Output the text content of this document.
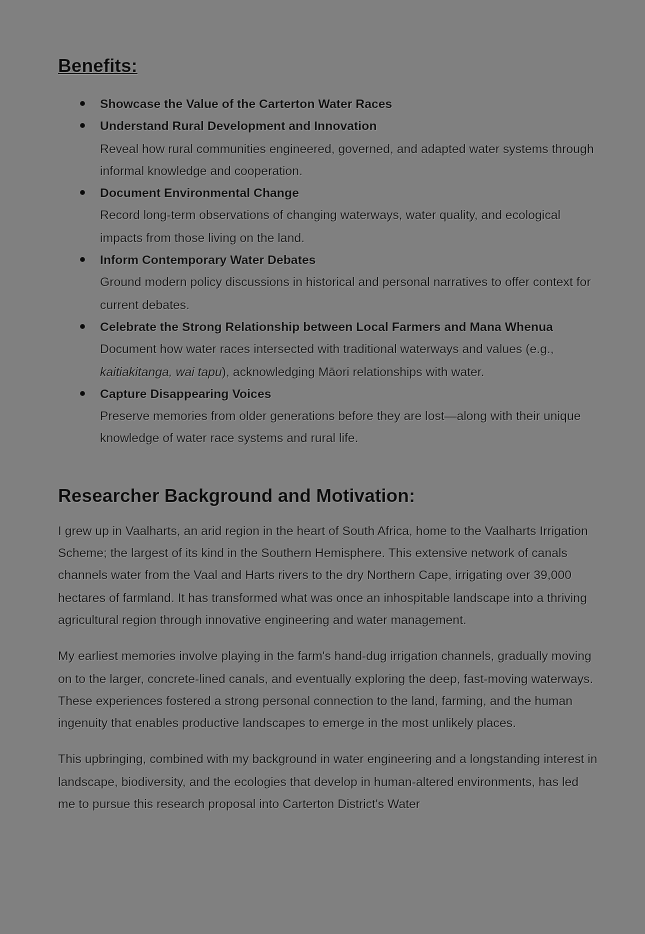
Benefits:
Showcase the Value of the Carterton Water Races
Understand Rural Development and Innovation
Reveal how rural communities engineered, governed, and adapted water systems through informal knowledge and cooperation.
Document Environmental Change
Record long-term observations of changing waterways, water quality, and ecological impacts from those living on the land.
Inform Contemporary Water Debates
Ground modern policy discussions in historical and personal narratives to offer context for current debates.
Celebrate the Strong Relationship between Local Farmers and Mana Whenua
Document how water races intersected with traditional waterways and values (e.g., kaitiakitanga, wai tapu), acknowledging Māori relationships with water.
Capture Disappearing Voices
Preserve memories from older generations before they are lost—along with their unique knowledge of water race systems and rural life.
Researcher Background and Motivation:

I grew up in Vaalharts, an arid region in the heart of South Africa, home to the Vaalharts Irrigation Scheme; the largest of its kind in the Southern Hemisphere. This extensive network of canals channels water from the Vaal and Harts rivers to the dry Northern Cape, irrigating over 39,000 hectares of farmland. It has transformed what was once an inhospitable landscape into a thriving agricultural region through innovative engineering and water management.

My earliest memories involve playing in the farm's hand-dug irrigation channels, gradually moving on to the larger, concrete-lined canals, and eventually exploring the deep, fast-moving waterways. These experiences fostered a strong personal connection to the land, farming, and the human ingenuity that enables productive landscapes to emerge in the most unlikely places.

This upbringing, combined with my background in water engineering and a longstanding interest in landscape, biodiversity, and the ecologies that develop in human-altered environments, has led me to pursue this research proposal into Carterton District's Water
